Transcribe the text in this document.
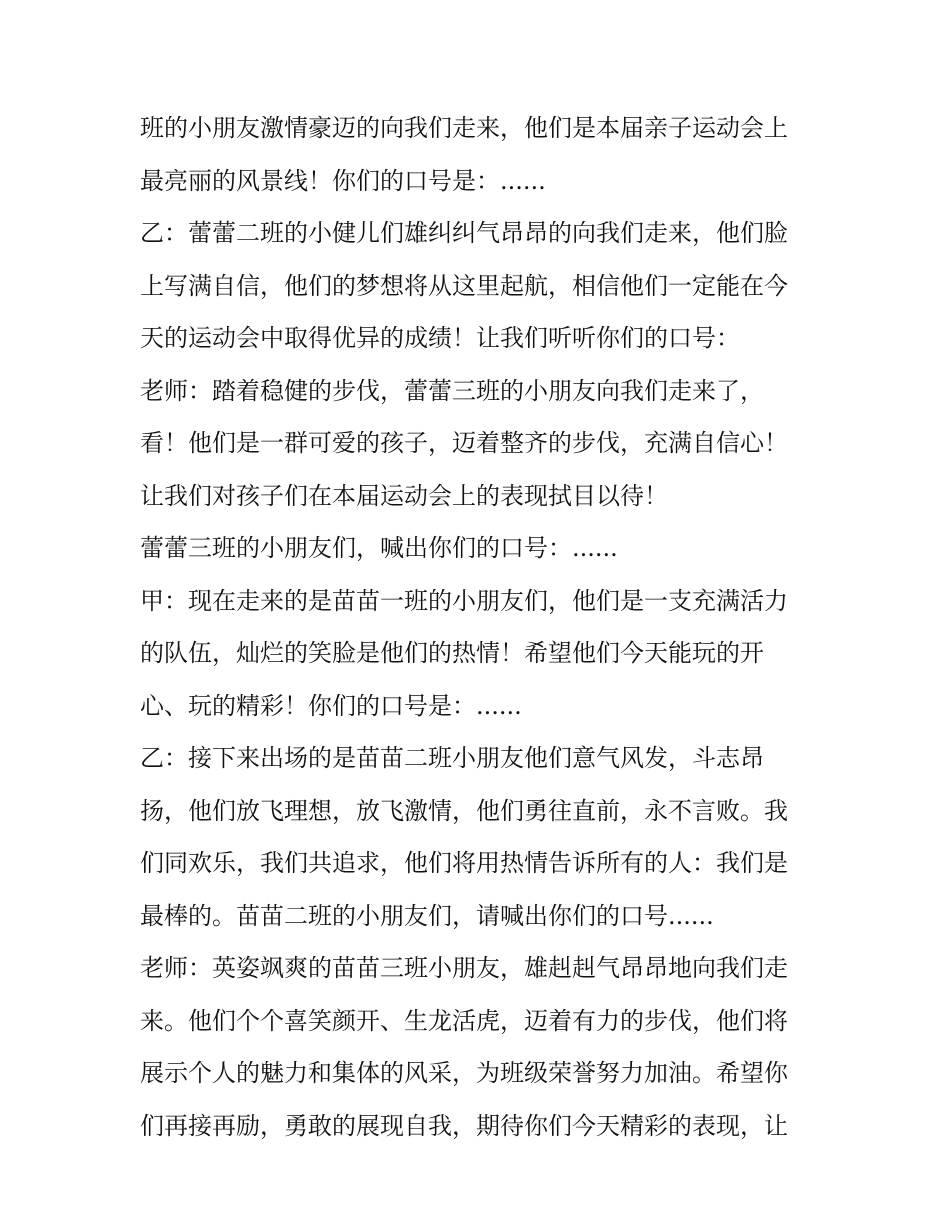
班的小朋友激情豪迈的向我们走来，他们是本届亲子运动会上
最亮丽的风景线！你们的口号是：......
乙：蕾蕾二班的小健儿们雄纠纠气昂昂的向我们走来，他们脸
上写满自信，他们的梦想将从这里起航，相信他们一定能在今
天的运动会中取得优异的成绩！让我们听听你们的口号：
老师：踏着稳健的步伐，蕾蕾三班的小朋友向我们走来了，
看！他们是一群可爱的孩子，迈着整齐的步伐，充满自信心！
让我们对孩子们在本届运动会上的表现拭目以待！
蕾蕾三班的小朋友们，喊出你们的口号：......
甲：现在走来的是苗苗一班的小朋友们，他们是一支充满活力
的队伍，灿烂的笑脸是他们的热情！希望他们今天能玩的开
心、玩的精彩！你们的口号是：......
乙：接下来出场的是苗苗二班小朋友他们意气风发，斗志昂
扬，他们放飞理想，放飞激情，他们勇往直前，永不言败。我
们同欢乐，我们共追求，他们将用热情告诉所有的人：我们是
最棒的。苗苗二班的小朋友们，请喊出你们的口号......
老师：英姿飒爽的苗苗三班小朋友，雄赳赳气昂昂地向我们走
来。他们个个喜笑颜开、生龙活虎，迈着有力的步伐，他们将
展示个人的魅力和集体的风采，为班级荣誉努力加油。希望你
们再接再励，勇敢的展现自我，期待你们今天精彩的表现，让
